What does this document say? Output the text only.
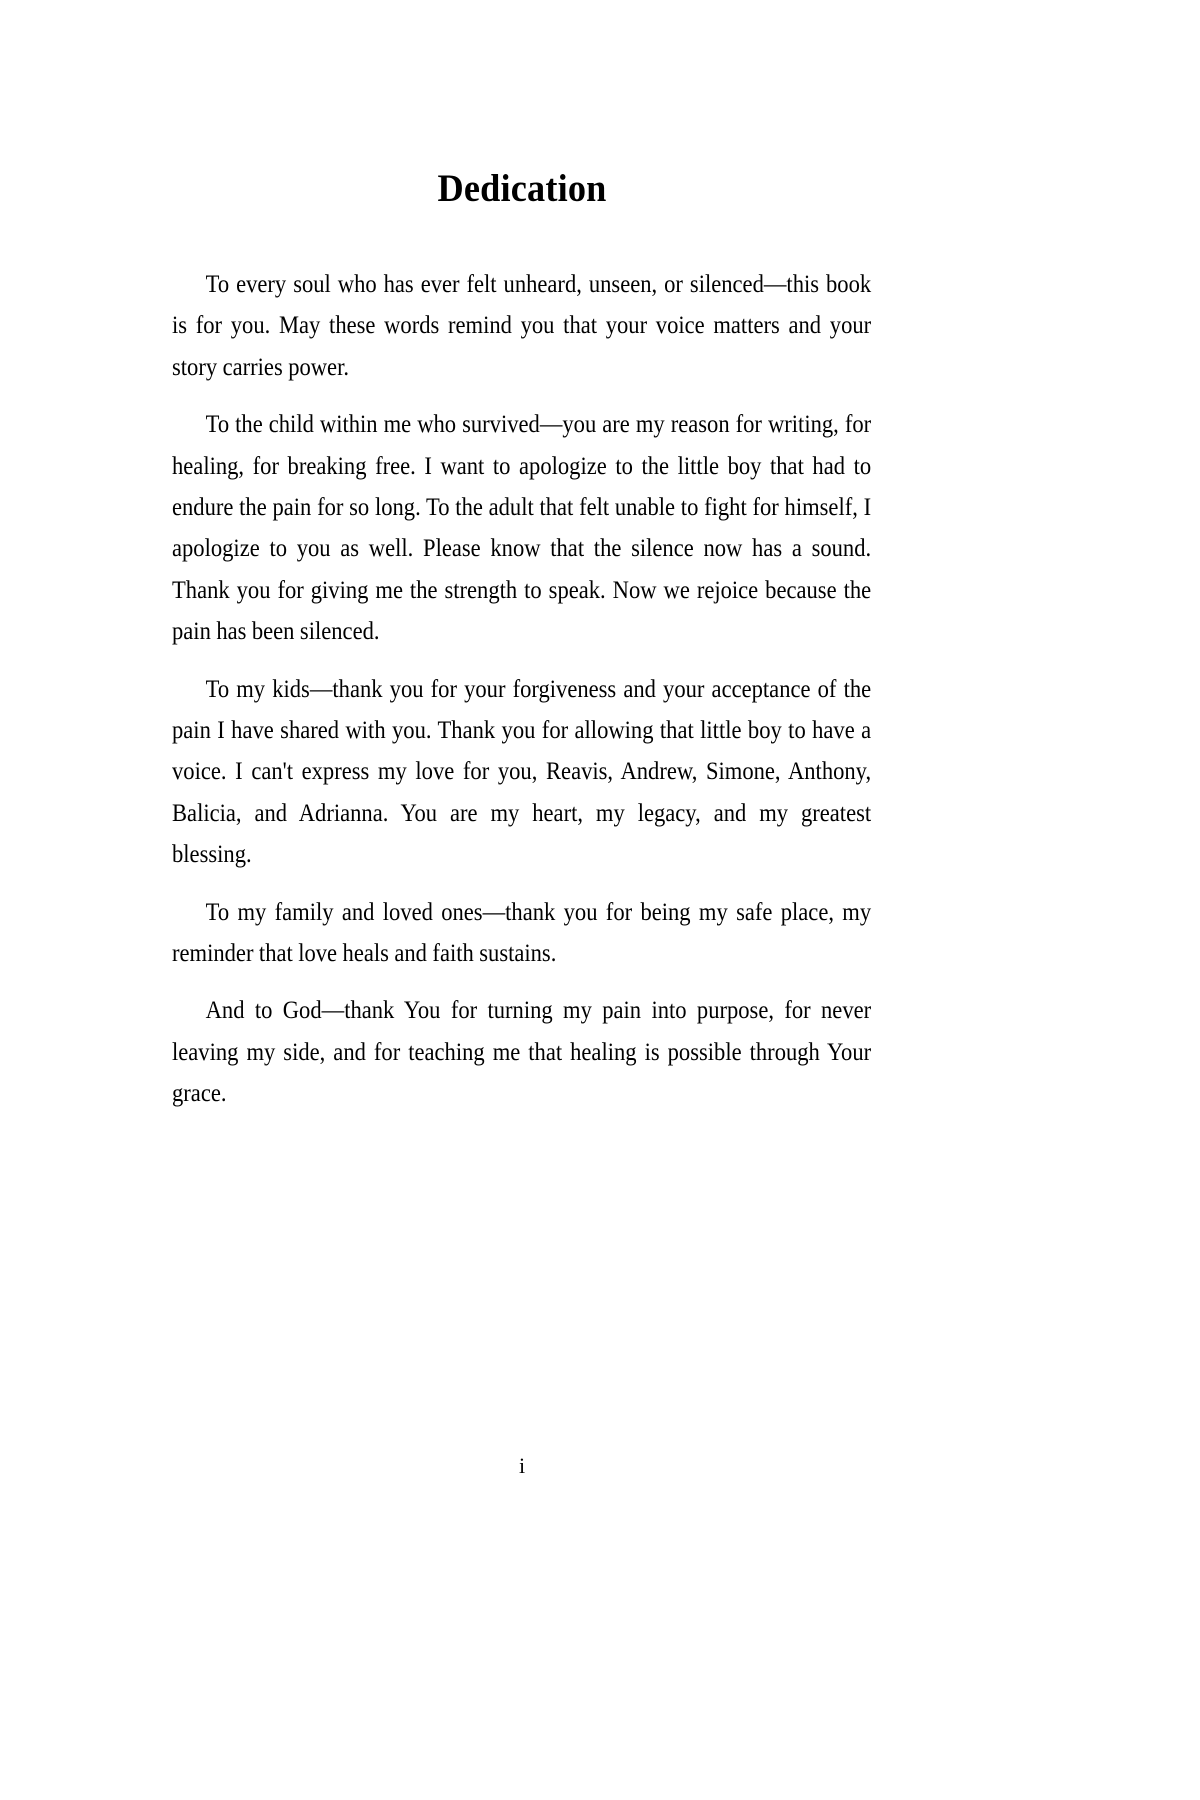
Dedication

To every soul who has ever felt unheard, unseen, or silenced—this book is for you. May these words remind you that your voice matters and your story carries power.

To the child within me who survived—you are my reason for writing, for healing, for breaking free. I want to apologize to the little boy that had to endure the pain for so long. To the adult that felt unable to fight for himself, I apologize to you as well. Please know that the silence now has a sound. Thank you for giving me the strength to speak. Now we rejoice because the pain has been silenced.

To my kids—thank you for your forgiveness and your acceptance of the pain I have shared with you. Thank you for allowing that little boy to have a voice. I can't express my love for you, Reavis, Andrew, Simone, Anthony, Balicia, and Adrianna. You are my heart, my legacy, and my greatest blessing.

To my family and loved ones—thank you for being my safe place, my reminder that love heals and faith sustains.

And to God—thank You for turning my pain into purpose, for never leaving my side, and for teaching me that healing is possible through Your grace.

i
